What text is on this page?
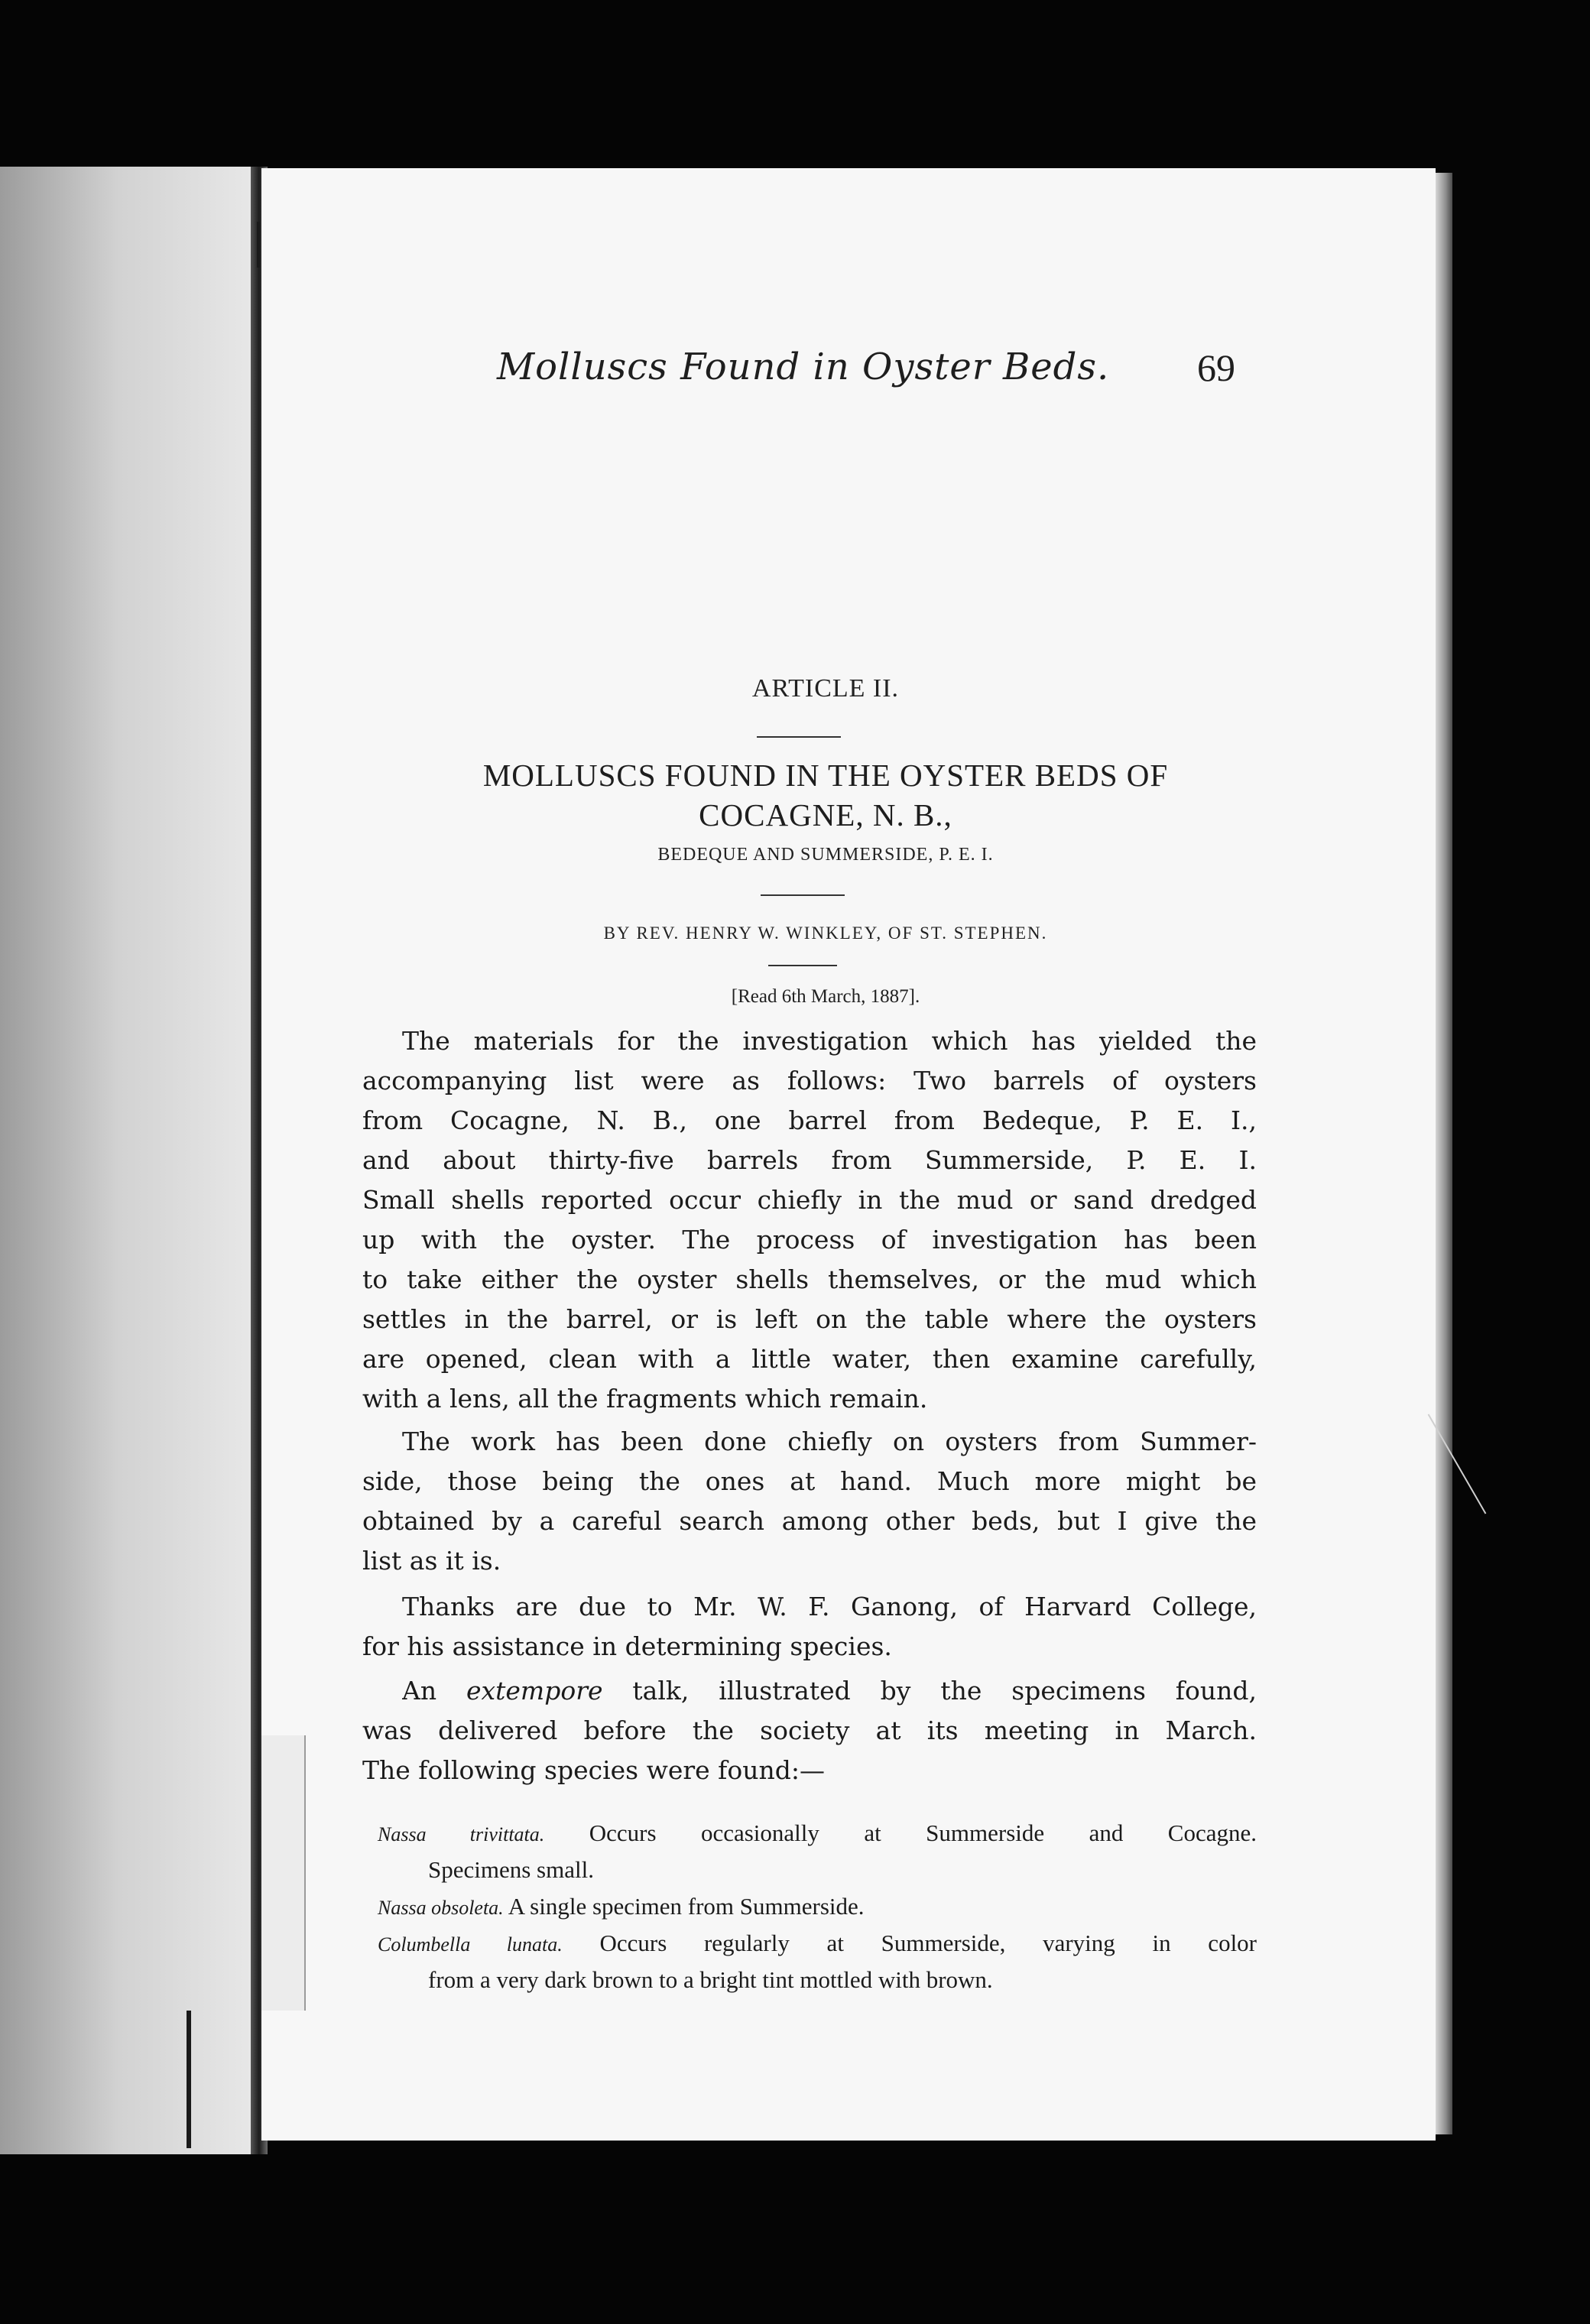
Molluscs Found in Oyster Beds. 69
ARTICLE II.
MOLLUSCS FOUND IN THE OYSTER BEDS OF
COCAGNE, N. B.,
BEDEQUE AND SUMMERSIDE, P. E. I.
BY REV. HENRY W. WINKLEY, OF ST. STEPHEN.
[Read 6th March, 1887].
The materials for the investigation which has yielded the
accompanying list were as follows: Two barrels of oysters
from Cocagne, N. B., one barrel from Bedeque, P. E. I.,
and about thirty-five barrels from Summerside, P. E. I.
Small shells reported occur chiefly in the mud or sand dredged
up with the oyster. The process of investigation has been
to take either the oyster shells themselves, or the mud which
settles in the barrel, or is left on the table where the oysters
are opened, clean with a little water, then examine carefully,
with a lens, all the fragments which remain.
The work has been done chiefly on oysters from Summer-
side, those being the ones at hand. Much more might be
obtained by a careful search among other beds, but I give the
list as it is.
Thanks are due to Mr. W. F. Ganong, of Harvard College,
for his assistance in determining species.
An extempore talk, illustrated by the specimens found,
was delivered before the society at its meeting in March.
The following species were found:—
Nassa trivittata. Occurs occasionally at Summerside and Cocagne.
Specimens small.
Nassa obsoleta. A single specimen from Summerside.
Columbella lunata. Occurs regularly at Summerside, varying in color
from a very dark brown to a bright tint mottled with brown.
